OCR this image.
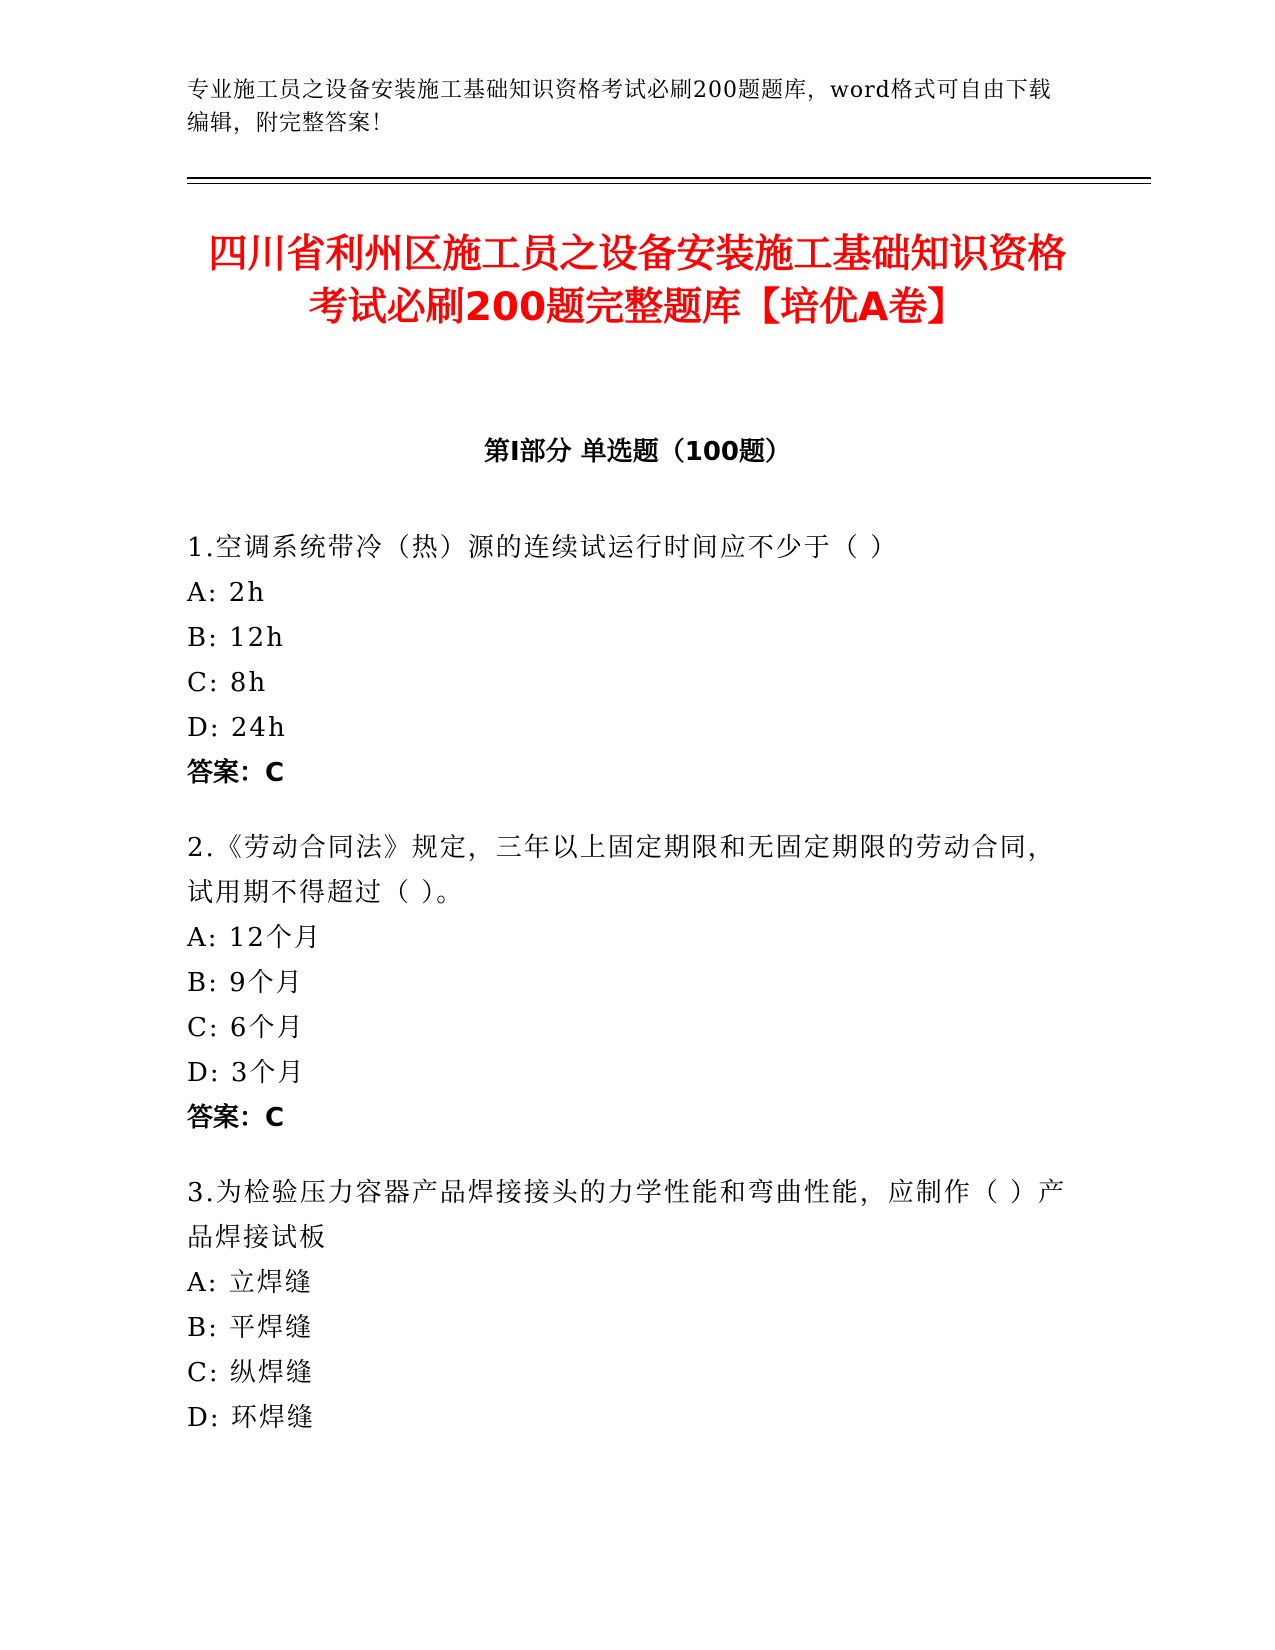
专业施工员之设备安装施工基础知识资格考试必刷200题题库，word格式可自由下载编辑，附完整答案！
四川省利州区施工员之设备安装施工基础知识资格考试必刷200题完整题库【培优A卷】
第I部分 单选题（100题）
1.空调系统带冷（热）源的连续试运行时间应不少于（ ）
A: 2h
B: 12h
C: 8h
D: 24h
答案：C
2.《劳动合同法》规定，三年以上固定期限和无固定期限的劳动合同，试用期不得超过（ ）。
A: 12个月
B: 9个月
C: 6个月
D: 3个月
答案：C
3.为检验压力容器产品焊接接头的力学性能和弯曲性能，应制作（ ）产品焊接试板
A: 立焊缝
B: 平焊缝
C: 纵焊缝
D: 环焊缝
